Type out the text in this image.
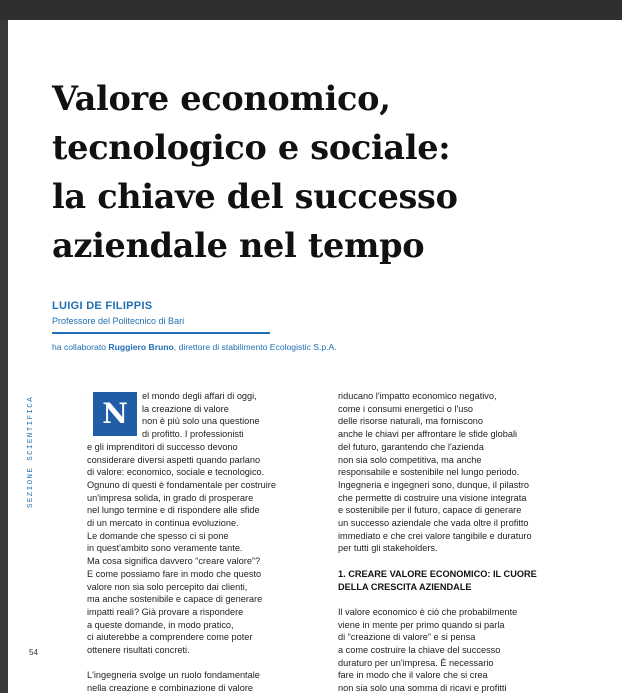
Valore economico,
tecnologico e sociale:
la chiave del successo
aziendale nel tempo
LUIGI DE FILIPPIS
Professore del Politecnico di Bari
ha collaborato Ruggiero Bruno, direttore di stabilimento Ecologistic S.p.A.
SEZIONE SCIENTIFICA
54
N
el mondo degli affari di oggi,
la creazione di valore
non è più solo una questione
di profitto. I professionisti
e gli imprenditori di successo devono
considerare diversi aspetti quando parlano
di valore: economico, sociale e tecnologico.
Ognuno di questi è fondamentale per costruire
un'impresa solida, in grado di prosperare
nel lungo termine e di rispondere alle sfide
di un mercato in continua evoluzione.
Le domande che spesso ci si pone
in quest'ambito sono veramente tante.
Ma cosa significa davvero “creare valore”?
E come possiamo fare in modo che questo
valore non sia solo percepito dai clienti,
ma anche sostenibile e capace di generare
impatti reali? Già provare a rispondere
a queste domande, in modo pratico,
ci aiuterebbe a comprendere come poter
ottenere risultati concreti.
L'ingegneria svolge un ruolo fondamentale
nella creazione e combinazione di valore
riducano l'impatto economico negativo,
come i consumi energetici o l'uso
delle risorse naturali, ma forniscono
anche le chiavi per affrontare le sfide globali
del futuro, garantendo che l'azienda
non sia solo competitiva, ma anche
responsabile e sostenibile nel lungo periodo.
Ingegneria e ingegneri sono, dunque, il pilastro
che permette di costruire una visione integrata
e sostenibile per il futuro, capace di generare
un successo aziendale che vada oltre il profitto
immediato e che crei valore tangibile e duraturo
per tutti gli stakeholders.
1. CREARE VALORE ECONOMICO: IL CUORE
DELLA CRESCITA AZIENDALE
Il valore economico è ciò che probabilmente
viene in mente per primo quando si parla
di “creazione di valore” e si pensa
a come costruire la chiave del successo
duraturo per un'impresa. È necessario
fare in modo che il valore che si crea
non sia solo una somma di ricavi e profitti
